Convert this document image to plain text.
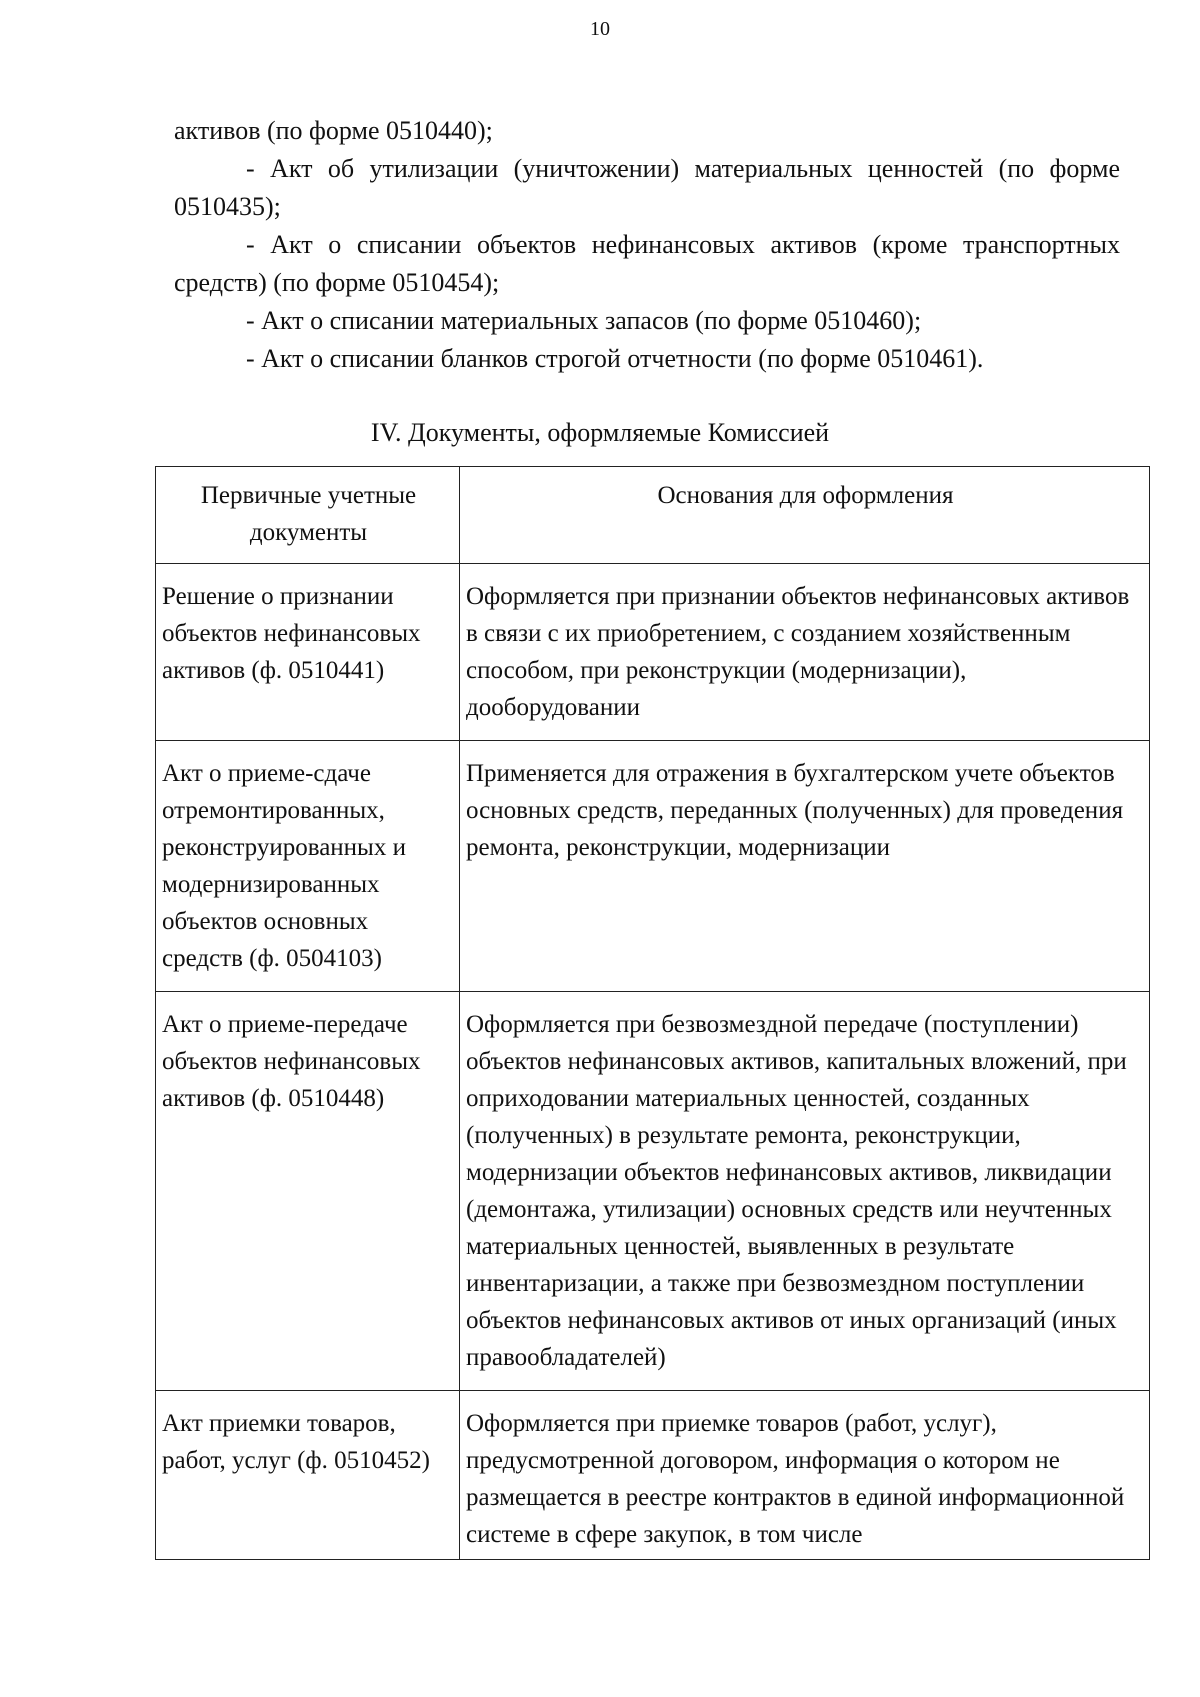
10

активов (по форме 0510440);

- Акт об утилизации (уничтожении) материальных ценностей (по форме 0510435);

- Акт о списании объектов нефинансовых активов (кроме транспортных средств) (по форме 0510454);

- Акт о списании материальных запасов (по форме 0510460);

- Акт о списании бланков строгой отчетности (по форме 0510461).

IV. Документы, оформляемые Комиссией
Первичные учетные документы	Основания для оформления
Решение о признании объектов нефинансовых активов (ф. 0510441)	Оформляется при признании объектов нефинансовых активов в связи с их приобретением, с созданием хозяйственным способом, при реконструкции (модернизации), дооборудовании
Акт о приеме-сдаче отремонтированных, реконструированных и модернизированных объектов основных средств (ф. 0504103)	Применяется для отражения в бухгалтерском учете объектов основных средств, переданных (полученных) для проведения ремонта, реконструкции, модернизации
Акт о приеме-передаче объектов нефинансовых активов (ф. 0510448)	Оформляется при безвозмездной передаче (поступлении) объектов нефинансовых активов, капитальных вложений, при оприходовании материальных ценностей, созданных (полученных) в результате ремонта, реконструкции, модернизации объектов нефинансовых активов, ликвидации (демонтажа, утилизации) основных средств или неучтенных материальных ценностей, выявленных в результате инвентаризации, а также при безвозмездном поступлении объектов нефинансовых активов от иных организаций (иных правообладателей)
Акт приемки товаров, работ, услуг (ф. 0510452)	Оформляется при приемке товаров (работ, услуг), предусмотренной договором, информация о котором не размещается в реестре контрактов в единой информационной системе в сфере закупок, в том числе
